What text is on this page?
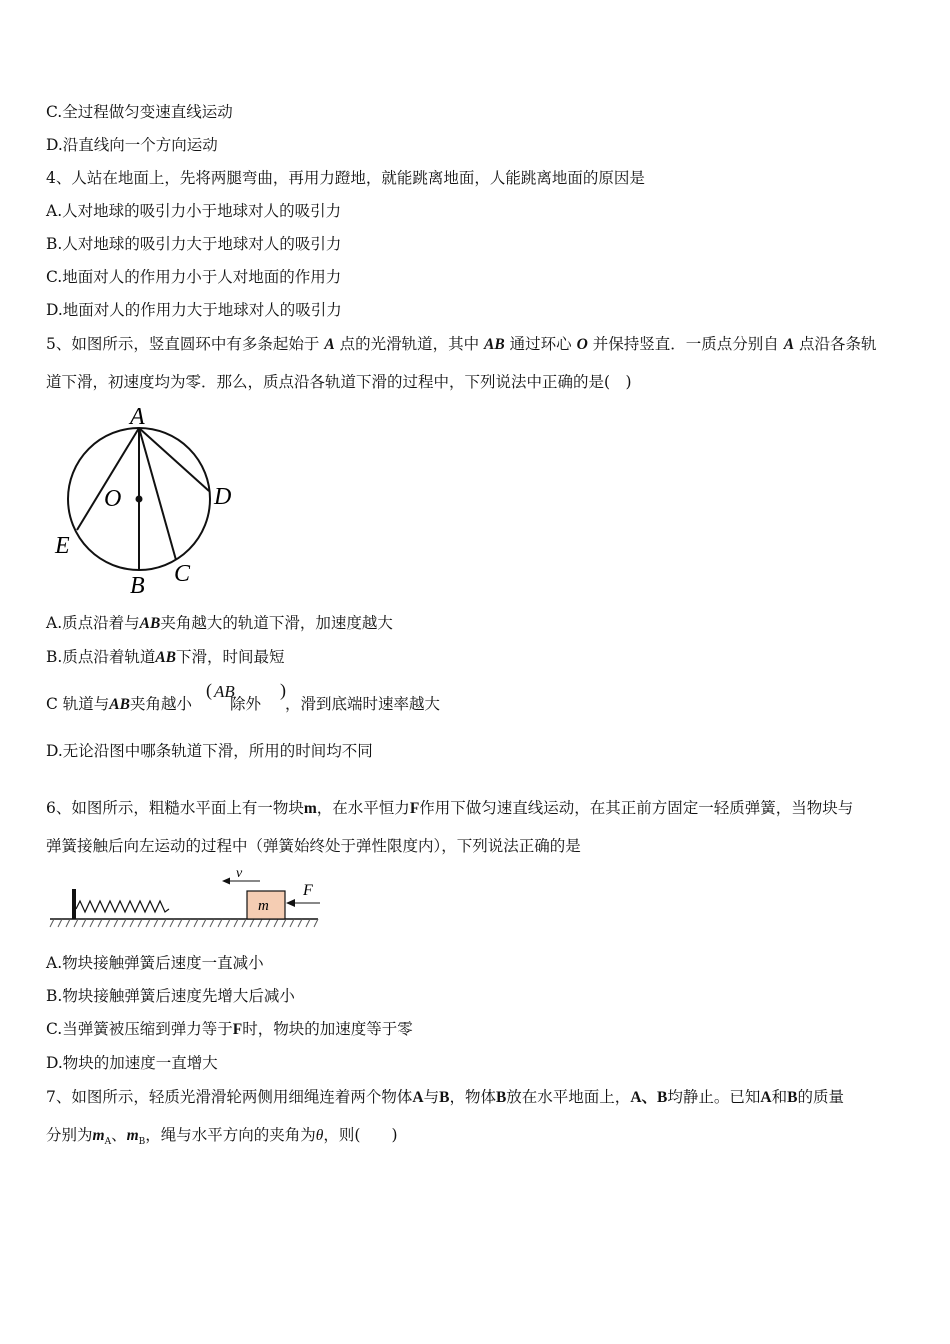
C.全过程做匀变速直线运动
D.沿直线向一个方向运动
4、人站在地面上，先将两腿弯曲，再用力蹬地，就能跳离地面，人能跳离地面的原因是
A.人对地球的吸引力小于地球对人的吸引力
B.人对地球的吸引力大于地球对人的吸引力
C.地面对人的作用力小于人对地面的作用力
D.地面对人的作用力大于地球对人的吸引力
5、如图所示，竖直圆环中有多条起始于 A 点的光滑轨道，其中 AB 通过环心 O 并保持竖直．一质点分别自 A 点沿各条轨
道下滑，初速度均为零．那么，质点沿各轨道下滑的过程中，下列说法中正确的是(　)
A
O	D
E
B C
A.质点沿着与AB夹角越大的轨道下滑，加速度越大
B.质点沿着轨道AB下滑，时间最短
C 轨道与AB夹角越小 除外 ，滑到底端时速率越大
( AB	)
D.无论沿图中哪条轨道下滑，所用的时间均不同
6、如图所示，粗糙水平面上有一物块m，在水平恒力F作用下做匀速直线运动，在其正前方固定一轻质弹簧，当物块与
弹簧接触后向左运动的过程中（弹簧始终处于弹性限度内），下列说法正确的是
m
v
F
A.物块接触弹簧后速度一直减小
B.物块接触弹簧后速度先增大后减小
C.当弹簧被压缩到弹力等于F时，物块的加速度等于零
D.物块的加速度一直增大
7、如图所示，轻质光滑滑轮两侧用细绳连着两个物体A与B，物体B放在水平地面上，A、B均静止。已知A和B的质量
分别为$m_A$、$m_B$，绳与水平方向的夹角为θ，则(　　)
